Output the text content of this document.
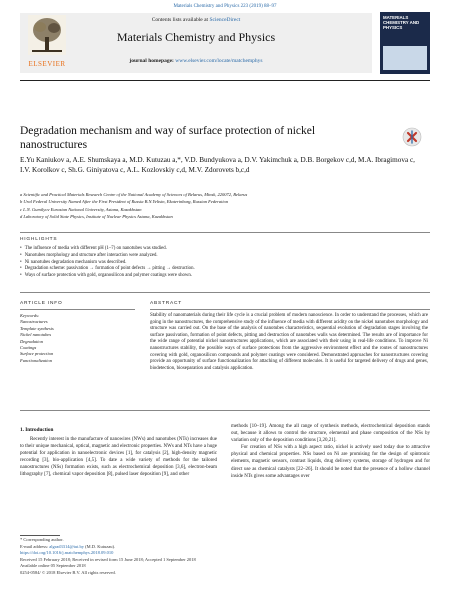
Materials Chemistry and Physics 223 (2019) 88–97
Contents lists available at ScienceDirect
Materials Chemistry and Physics
journal homepage: www.elsevier.com/locate/matchemphys
ELSEVIER
MATERIALS CHEMISTRY AND PHYSICS
Degradation mechanism and way of surface protection of nickel nanostructures
E.Yu Kaniukov a, A.E. Shumskaya a, M.D. Kutuzau a,*, V.D. Bundyukova a, D.V. Yakimchuk a, D.B. Borgekov c,d, M.A. Ibragimova c, I.V. Korolkov c, Sh.G. Giniyatova c, A.L. Kozlovskiy c,d, M.V. Zdorovets b,c,d
a Scientific and Practical Materials Research Centre of the National Academy of Sciences of Belarus, Minsk, 220072, Belarus
b Ural Federal University Named After the First President of Russia B.N.Yeltsin, Ekaterinburg, Russian Federation
c L.N. Gumilyov Eurasian National University, Astana, Kazakhstan
d Laboratory of Solid State Physics, Institute of Nuclear Physics Astana, Kazakhstan
HIGHLIGHTS
• The influence of media with different pH (1–7) on nanotubes was studied.
• Nanotubes morphology and structure after interaction were analyzed.
• Ni nanotubes degradation mechanism was described.
• Degradation scheme: passivation → formation of point defects → pitting → destruction.
• Ways of surface protection with gold, organosilicon and polymer coatings were shown.
ARTICLE INFO	ABSTRACT
Keywords:
Nanostructures
Template synthesis
Nickel nanotubes
Degradation
Coatings
Surface protection
Functionalization
Stability of nanomaterials during their life cycle is a crucial problem of modern nanoscience. In order to understand the processes, which are going in the nanostructures, the comprehensive study of the influence of media with different acidity on the nickel nanotubes morphology and structure was carried out. On the base of the analysis of nanotubes characteristics, sequential evolution of degradation stages involving the surface passivation, formation of point defects, pitting and destruction of nanotubes walls was determined. The results are of importance for the wide range of potential nickel nanostructures applications, which are associated with their using in real-life conditions. To improve Ni nanostructures stability, the possible ways of surface protections from the aggressive environment effect and the routes of nanostructures covering with gold, organosilicon compounds and polymer coatings were considered. Demonstrated approaches for nanostructures covering provide an opportunity of surface functionalization for attaching of different molecules. It is useful for targeted delivery of drugs and genes, biodetection, bioseparation and catalysis application.
1. Introduction
Recently interest in the manufacture of nanowires (NWs) and nanotubes (NTs) increases due to their unique mechanical, optical, magnetic and electronic properties. NWs and NTs have a huge potential for application in nanoelectronic devices [1], for catalysis [2], high-density magnetic recording [3], bio-application [4,5]. To date a wide variety of methods for the tailored nanostructures (NSs) formation exists, such as electrochemical deposition [3,6], electron-beam lithography [7], chemical vapor deposition [8], pulsed laser deposition [9], and other
methods [10–19]. Among the all range of synthesis methods, electrochemical deposition stands out, because it allows to control the structure, elemental and phase composition of the NSs by variation only of the deposition conditions [3,20,21].
For creation of NSs with a high aspect ratio, nickel is actively used today due to attractive physical and chemical properties. NSs based on Ni are promising for the design of spintronic elements, magnetic sensors, contrast liquids, drug delivery systems, storage of hydrogen and for direct use as chemical catalysts [22–26]. It should be noted that the presence of a hollow channel inside NTs gives some advantages over
* Corresponding author.
E-mail address: algrad3314@tut.by (M.D. Kutuzau).
https://doi.org/10.1016/j.matchemphys.2018.09.010
Received 15 February 2018; Received in revised form 15 June 2018; Accepted 1 September 2018
Available online 05 September 2018
0254-0584/ © 2018 Elsevier B.V. All rights reserved.
